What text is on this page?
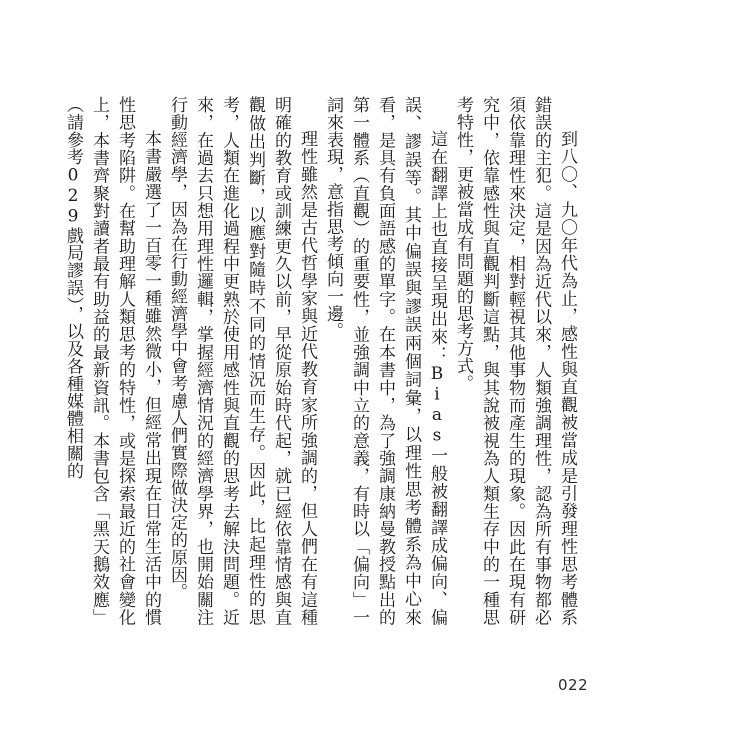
到八〇、九〇年代為止，感性與直觀被當成是引發理性思考體系錯誤的主犯。這是因為近代以來，人類強調理性，認為所有事物都必須依靠理性來決定，相對輕視其他事物而產生的現象。因此在現有研究中，依靠感性與直觀判斷這點，與其說被視為人類生存中的一種思考特性，更被當成有問題的思考方式。

這在翻譯上也直接呈現出來：Bias一般被翻譯成偏向、偏誤、謬誤等。其中偏誤與謬誤兩個詞彙，以理性思考體系為中心來看，是具有負面語感的單字。在本書中，為了強調康納曼教授點出的第一體系（直觀）的重要性，並強調中立的意義，有時以「偏向」一詞來表現，意指思考傾向一邊。

理性雖然是古代哲學家與近代教育家所強調的，但人們在有這種明確的教育或訓練更久以前，早從原始時代起，就已經依靠情感與直觀做出判斷，以應對隨時不同的情況而生存。因此，比起理性的思考，人類在進化過程中更熟於使用感性與直觀的思考去解決問題。近來，在過去只想用理性邏輯，掌握經濟情況的經濟學界，也開始關注行動經濟學，因為在行動經濟學中會考慮人們實際做決定的原因。

本書嚴選了一百零一種雖然微小，但經常出現在日常生活中的慣性思考陷阱。在幫助理解人類思考的特性，或是探索最近的社會變化上，本書齊聚對讀者最有助益的最新資訊。本書包含「黑天鵝效應」（請參考029戲局謬誤），以及各種媒體相關的

022
